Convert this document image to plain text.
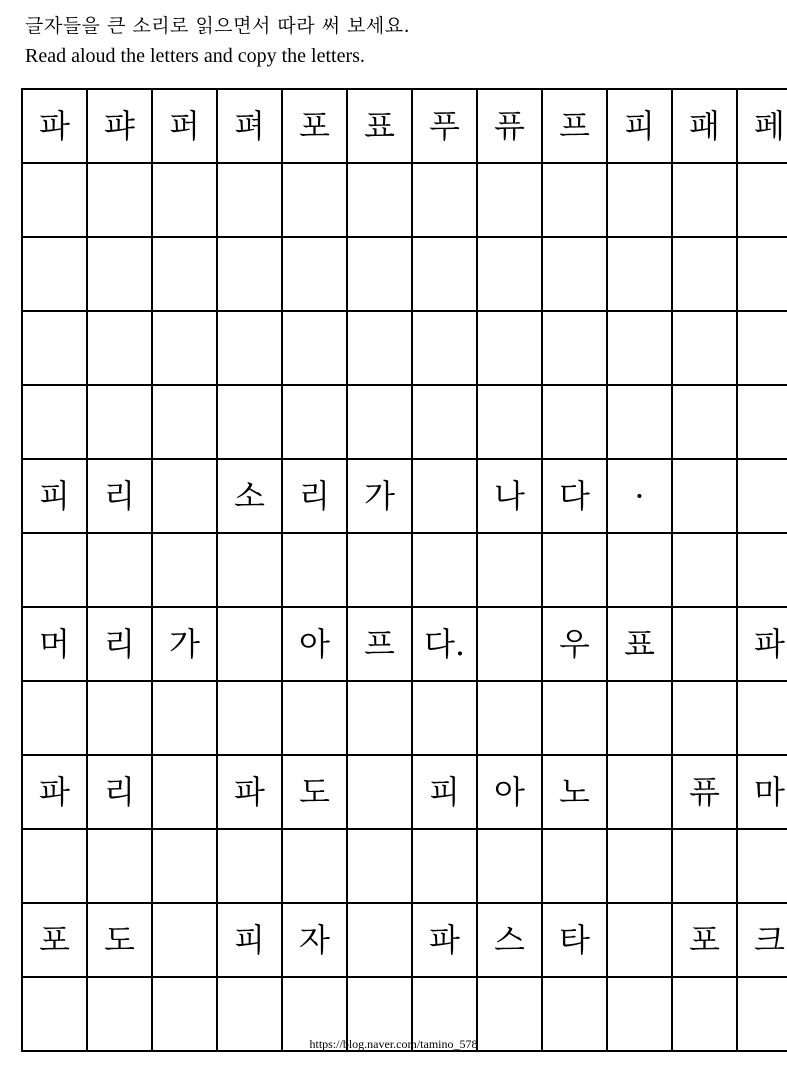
글자들을 큰 소리로 읽으면서 따라 써 보세요.
Read aloud the letters and copy the letters.
파	퍄	퍼	펴	포	표	푸	퓨	프	피	패	페

피	리		소	리	가		나	다	·		

머	리	가		아	프	다.		우	표		파

파	리		파	도		피	아	노		퓨	마

포	도		피	자		파	스	타		포	크

https://blog.naver.com/tamino_578
